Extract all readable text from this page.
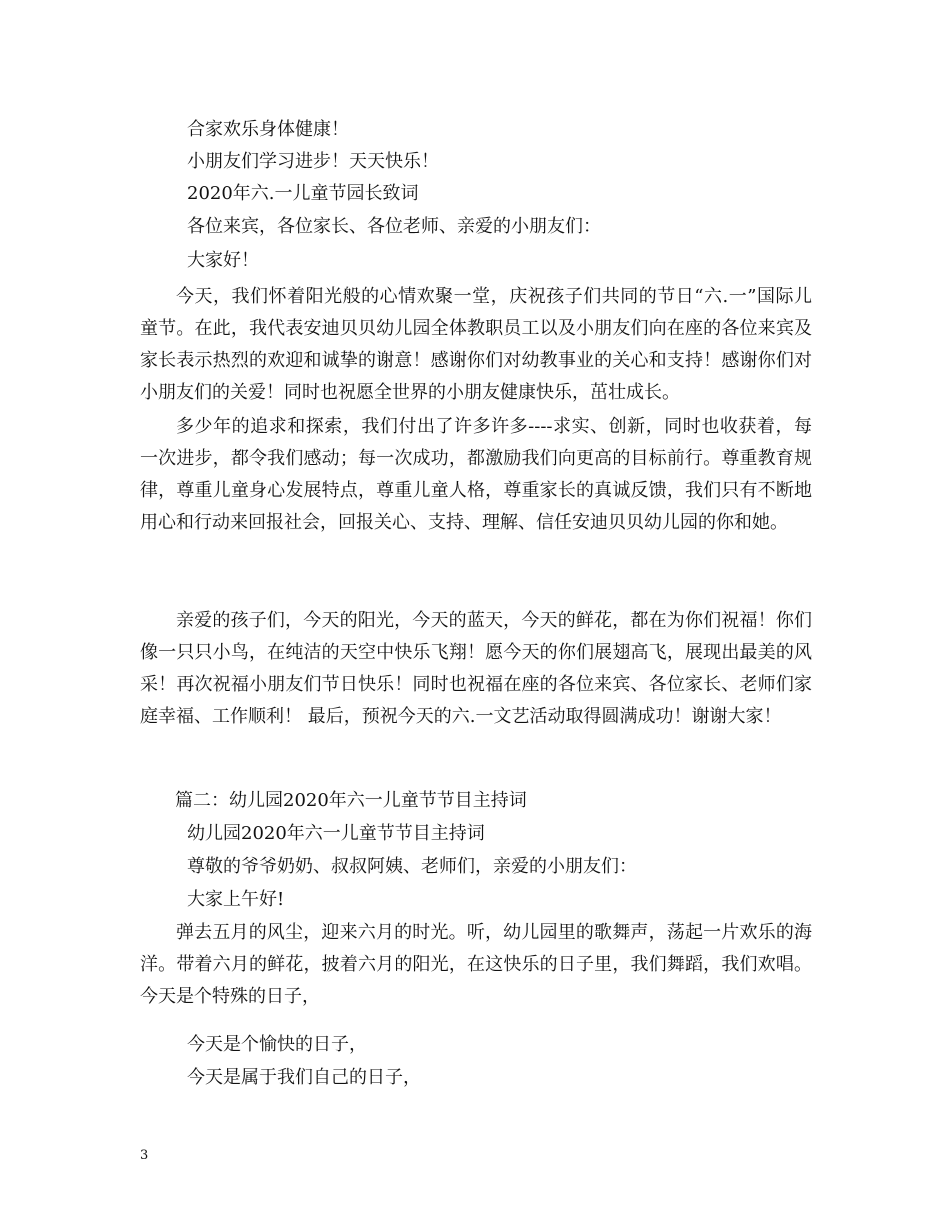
合家欢乐身体健康！
小朋友们学习进步！天天快乐！
2020年六.一儿童节园长致词
各位来宾，各位家长、各位老师、亲爱的小朋友们：
大家好！
今天，我们怀着阳光般的心情欢聚一堂，庆祝孩子们共同的节日“六.一”国际儿童节。在此，我代表安迪贝贝幼儿园全体教职员工以及小朋友们向在座的各位来宾及家长表示热烈的欢迎和诚挚的谢意！感谢你们对幼教事业的关心和支持！感谢你们对小朋友们的关爱！同时也祝愿全世界的小朋友健康快乐，茁壮成长。
多少年的追求和探索，我们付出了许多许多----求实、创新，同时也收获着，每一次进步，都令我们感动；每一次成功，都激励我们向更高的目标前行。尊重教育规律，尊重儿童身心发展特点，尊重儿童人格，尊重家长的真诚反馈，我们只有不断地用心和行动来回报社会，回报关心、支持、理解、信任安迪贝贝幼儿园的你和她。
亲爱的孩子们，今天的阳光，今天的蓝天，今天的鲜花，都在为你们祝福！你们像一只只小鸟，在纯洁的天空中快乐飞翔！愿今天的你们展翅高飞，展现出最美的风采！再次祝福小朋友们节日快乐！同时也祝福在座的各位来宾、各位家长、老师们家庭幸福、工作顺利！ 最后，预祝今天的六.一文艺活动取得圆满成功！谢谢大家！
篇二：幼儿园2020年六一儿童节节目主持词
幼儿园2020年六一儿童节节目主持词
尊敬的爷爷奶奶、叔叔阿姨、老师们，亲爱的小朋友们：
大家上午好!
弹去五月的风尘，迎来六月的时光。听，幼儿园里的歌舞声，荡起一片欢乐的海洋。带着六月的鲜花，披着六月的阳光，在这快乐的日子里，我们舞蹈，我们欢唱。今天是个特殊的日子，
今天是个愉快的日子，
今天是属于我们自己的日子，
3
